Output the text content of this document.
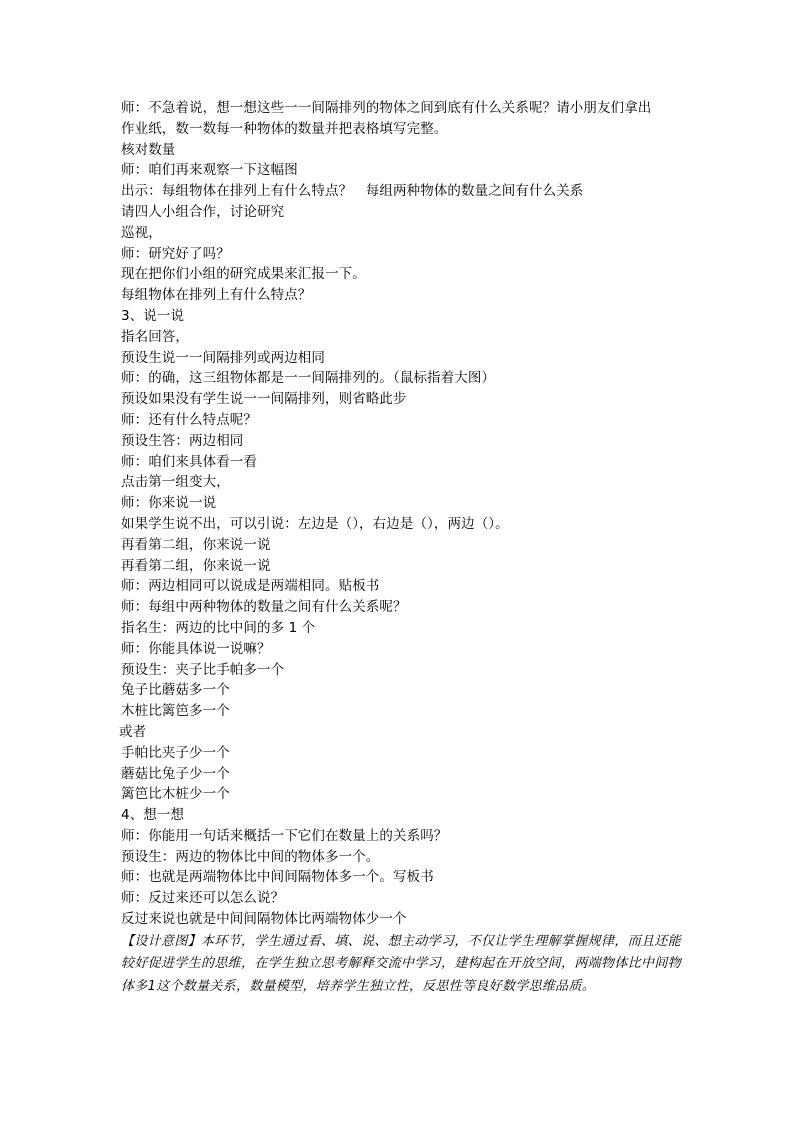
师：不急着说，想一想这些一一间隔排列的物体之间到底有什么关系呢？请小朋友们拿出
作业纸，数一数每一种物体的数量并把表格填写完整。
核对数量
师：咱们再来观察一下这幅图
出示：每组物体在排列上有什么特点？　每组两种物体的数量之间有什么关系
请四人小组合作，讨论研究
巡视，
师：研究好了吗？
现在把你们小组的研究成果来汇报一下。
每组物体在排列上有什么特点？
3、说一说
指名回答，
预设生说一一间隔排列或两边相同
师：的确，这三组物体都是一一间隔排列的。（鼠标指着大图）
预设如果没有学生说一一间隔排列，则省略此步
师：还有什么特点呢？
预设生答：两边相同
师：咱们来具体看一看
点击第一组变大，
师：你来说一说
如果学生说不出，可以引说：左边是（），右边是（），两边（）。
再看第二组，你来说一说
再看第二组，你来说一说
师：两边相同可以说成是两端相同。贴板书
师：每组中两种物体的数量之间有什么关系呢？
指名生：两边的比中间的多 1 个
师：你能具体说一说嘛？
预设生：夹子比手帕多一个
兔子比蘑菇多一个
木桩比篱笆多一个
或者
手帕比夹子少一个
蘑菇比兔子少一个
篱笆比木桩少一个
4、想一想
师：你能用一句话来概括一下它们在数量上的关系吗？
预设生：两边的物体比中间的物体多一个。
师：也就是两端物体比中间间隔物体多一个。写板书
师：反过来还可以怎么说？
反过来说也就是中间间隔物体比两端物体少一个
【设计意图】本环节，学生通过看、填、说、想主动学习，不仅让学生理解掌握规律，而且还能较好促进学生的思维，在学生独立思考解释交流中学习，建构起在开放空间，两端物体比中间物体多1这个数量关系，数量模型，培养学生独立性，反思性等良好数学思维品质。
